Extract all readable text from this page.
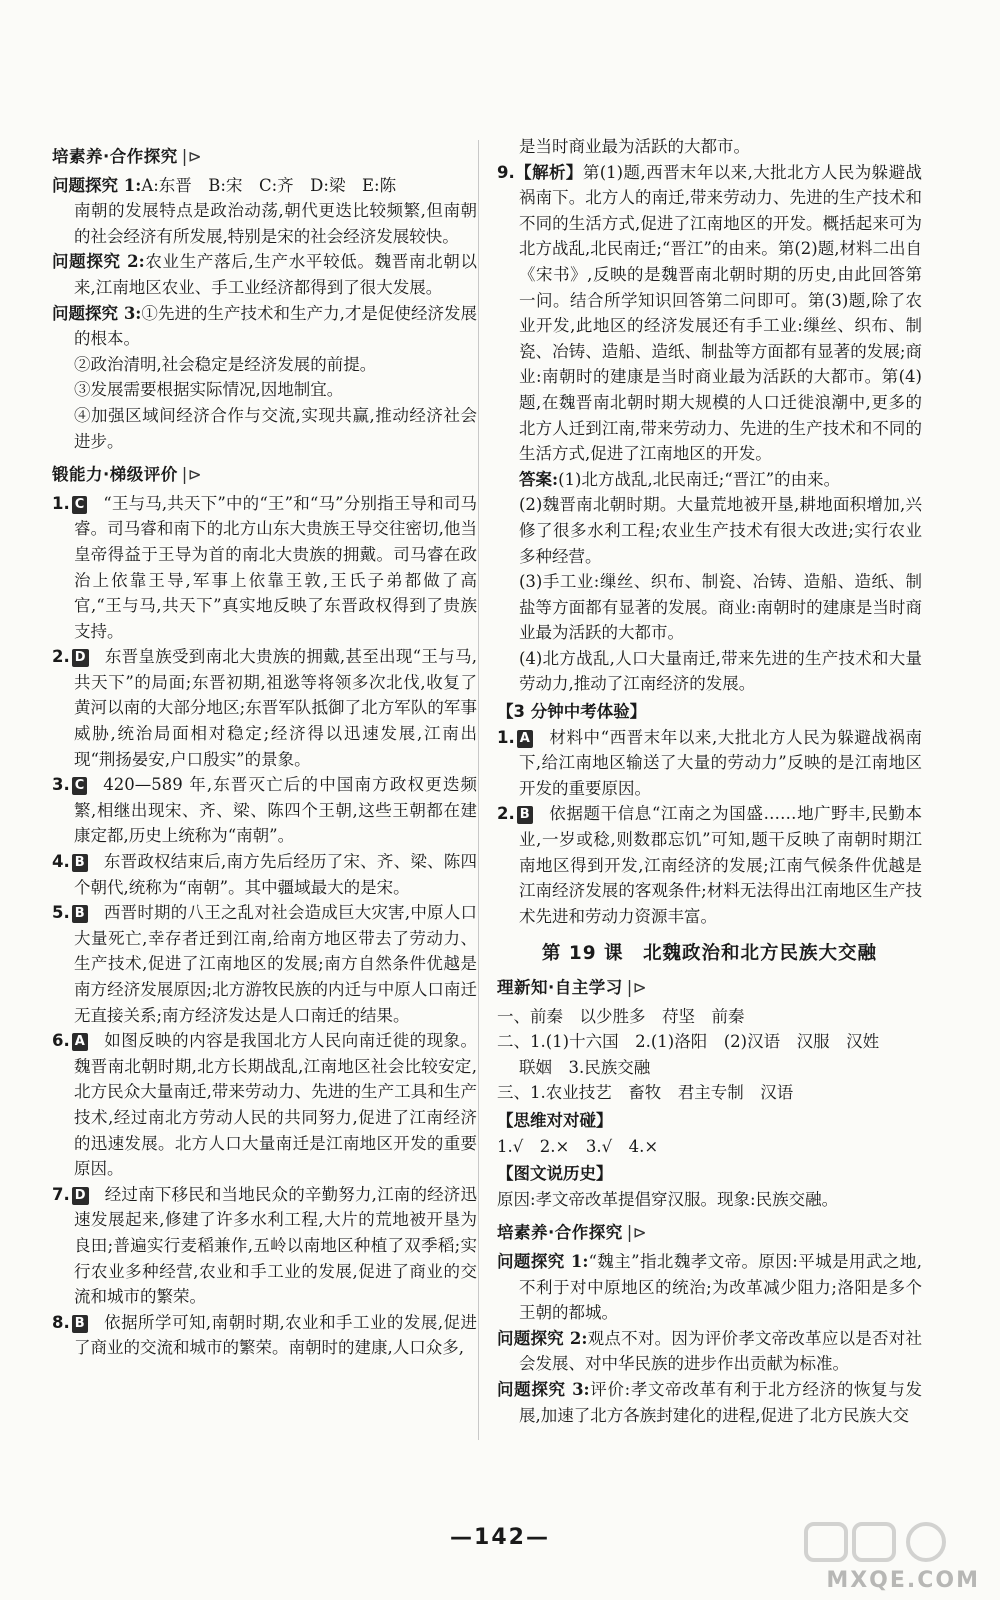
培素养·合作探究 |⊳

问题探究 1:A:东晋　B:宋　C:齐　D:梁　E:陈

南朝的发展特点是政治动荡,朝代更迭比较频繁,但南朝的社会经济有所发展,特别是宋的社会经济发展较快。

问题探究 2:农业生产落后,生产水平较低。魏晋南北朝以来,江南地区农业、手工业经济都得到了很大发展。

问题探究 3:①先进的生产技术和生产力,才是促使经济发展的根本。

②政治清明,社会稳定是经济发展的前提。

③发展需要根据实际情况,因地制宜。

④加强区域间经济合作与交流,实现共赢,推动经济社会进步。

锻能力·梯级评价 |⊳

1. C “王与马,共天下”中的“王”和“马”分别指王导和司马睿。司马睿和南下的北方山东大贵族王导交往密切,他当皇帝得益于王导为首的南北大贵族的拥戴。司马睿在政治上依靠王导,军事上依靠王敦,王氏子弟都做了高官,“王与马,共天下”真实地反映了东晋政权得到了贵族支持。

2. D 东晋皇族受到南北大贵族的拥戴,甚至出现“王与马,共天下”的局面;东晋初期,祖逖等将领多次北伐,收复了黄河以南的大部分地区;东晋军队抵御了北方军队的军事威胁,统治局面相对稳定;经济得以迅速发展,江南出现“荆扬晏安,户口殷实”的景象。

3. C 420—589 年,东晋灭亡后的中国南方政权更迭频繁,相继出现宋、齐、梁、陈四个王朝,这些王朝都在建康定都,历史上统称为“南朝”。

4. B 东晋政权结束后,南方先后经历了宋、齐、梁、陈四个朝代,统称为“南朝”。其中疆域最大的是宋。

5. B 西晋时期的八王之乱对社会造成巨大灾害,中原人口大量死亡,幸存者迁到江南,给南方地区带去了劳动力、生产技术,促进了江南地区的发展;南方自然条件优越是南方经济发展原因;北方游牧民族的内迁与中原人口南迁无直接关系;南方经济发达是人口南迁的结果。

6. A 如图反映的内容是我国北方人民向南迁徙的现象。魏晋南北朝时期,北方长期战乱,江南地区社会比较安定,北方民众大量南迁,带来劳动力、先进的生产工具和生产技术,经过南北方劳动人民的共同努力,促进了江南经济的迅速发展。北方人口大量南迁是江南地区开发的重要原因。

7. D 经过南下移民和当地民众的辛勤努力,江南的经济迅速发展起来,修建了许多水利工程,大片的荒地被开垦为良田;普遍实行麦稻兼作,五岭以南地区种植了双季稻;实行农业多种经营,农业和手工业的发展,促进了商业的交流和城市的繁荣。

8. B 依据所学可知,南朝时期,农业和手工业的发展,促进了商业的交流和城市的繁荣。南朝时的建康,人口众多,

是当时商业最为活跃的大都市。

9.【解析】第(1)题,西晋末年以来,大批北方人民为躲避战祸南下。北方人的南迁,带来劳动力、先进的生产技术和不同的生活方式,促进了江南地区的开发。概括起来可为北方战乱,北民南迁;“晋江”的由来。第(2)题,材料二出自《宋书》,反映的是魏晋南北朝时期的历史,由此回答第一问。结合所学知识回答第二问即可。第(3)题,除了农业开发,此地区的经济发展还有手工业:缫丝、织布、制瓷、冶铸、造船、造纸、制盐等方面都有显著的发展;商业:南朝时的建康是当时商业最为活跃的大都市。第(4)题,在魏晋南北朝时期大规模的人口迁徙浪潮中,更多的北方人迁到江南,带来劳动力、先进的生产技术和不同的生活方式,促进了江南地区的开发。

答案:(1)北方战乱,北民南迁;“晋江”的由来。

(2)魏晋南北朝时期。大量荒地被开垦,耕地面积增加,兴修了很多水利工程;农业生产技术有很大改进;实行农业多种经营。

(3)手工业:缫丝、织布、制瓷、冶铸、造船、造纸、制盐等方面都有显著的发展。商业:南朝时的建康是当时商业最为活跃的大都市。

(4)北方战乱,人口大量南迁,带来先进的生产技术和大量劳动力,推动了江南经济的发展。

【3 分钟中考体验】

1. A 材料中“西晋末年以来,大批北方人民为躲避战祸南下,给江南地区输送了大量的劳动力”反映的是江南地区开发的重要原因。

2. B 依据题干信息“江南之为国盛……地广野丰,民勤本业,一岁或稔,则数郡忘饥”可知,题干反映了南朝时期江南地区得到开发,江南经济的发展;江南气候条件优越是江南经济发展的客观条件;材料无法得出江南地区生产技术先进和劳动力资源丰富。

第 19 课　北魏政治和北方民族大交融
理新知·自主学习 |⊳

一、前秦　以少胜多　苻坚　前秦

二、1.(1)十六国　2.(1)洛阳　(2)汉语　汉服　汉姓

联姻　3.民族交融

三、1.农业技艺　畜牧　君主专制　汉语

【思维对对碰】

1.√　2.×　3.√　4.×

【图文说历史】

原因:孝文帝改革提倡穿汉服。现象:民族交融。

培素养·合作探究 |⊳

问题探究 1:“魏主”指北魏孝文帝。原因:平城是用武之地,不利于对中原地区的统治;为改革减少阻力;洛阳是多个王朝的都城。

问题探究 2:观点不对。因为评价孝文帝改革应以是否对社会发展、对中华民族的进步作出贡献为标准。

问题探究 3:评价:孝文帝改革有利于北方经济的恢复与发展,加速了北方各族封建化的进程,促进了北方民族大交

—142—
MXQE.COM
